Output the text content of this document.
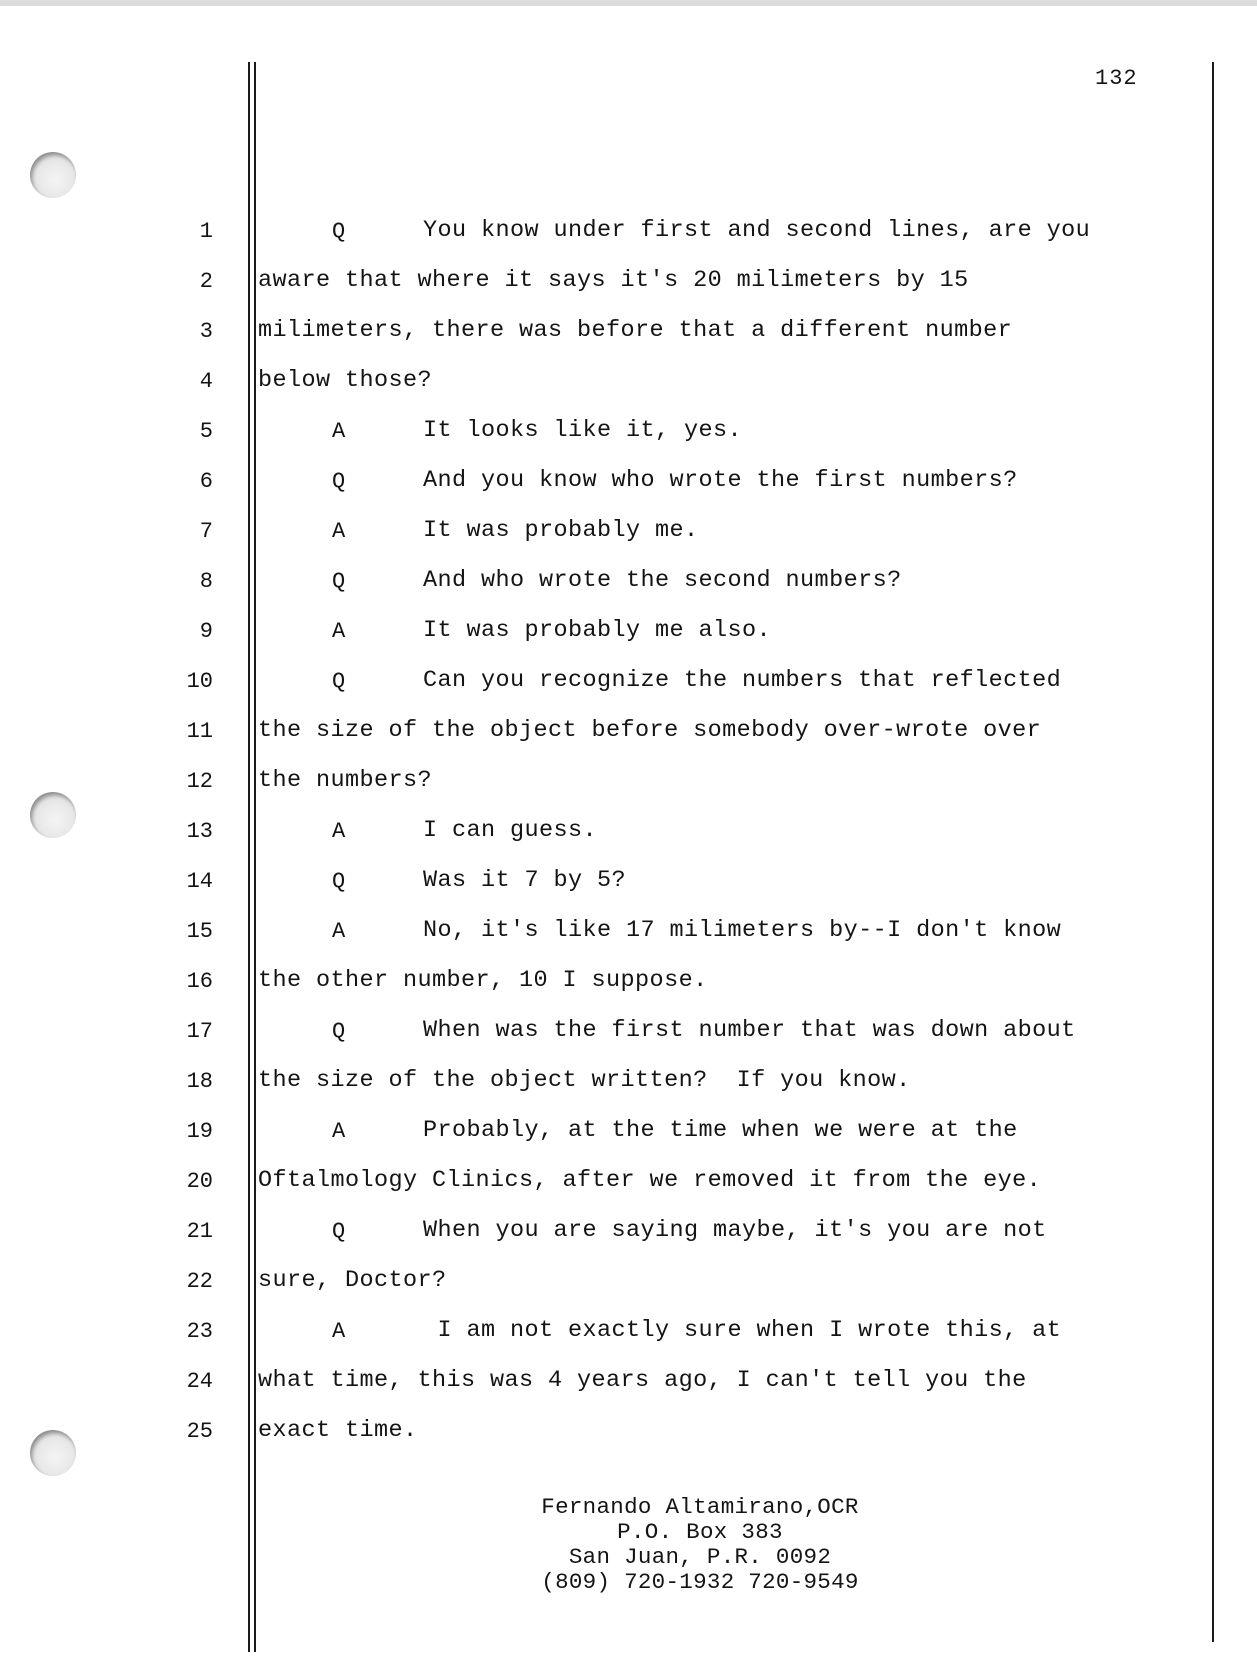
132
1	Q	You know under first and second lines, are you
2 aware that where it says it's 20 milimeters by 15
3 milimeters, there was before that a different number
4 below those?
5	A	It looks like it, yes.
6	Q	And you know who wrote the first numbers?
7	A	It was probably me.
8	Q	And who wrote the second numbers?
9	A	It was probably me also.
10	Q	Can you recognize the numbers that reflected
11 the size of the object before somebody over-wrote over
12 the numbers?
13	A	I can guess.
14	Q	Was it 7 by 5?
15	A	No, it's like 17 milimeters by--I don't know
16 the other number, 10 I suppose.
17	Q	When was the first number that was down about
18 the size of the object written?  If you know.
19	A	Probably, at the time when we were at the
20 Oftalmology Clinics, after we removed it from the eye.
21	Q	When you are saying maybe, it's you are not
22 sure, Doctor?
23	A	I am not exactly sure when I wrote this, at
24 what time, this was 4 years ago, I can't tell you the
25 exact time.
Fernando Altamirano,OCR
P.O. Box 383
San Juan, P.R. 0092
(809) 720-1932 720-9549
